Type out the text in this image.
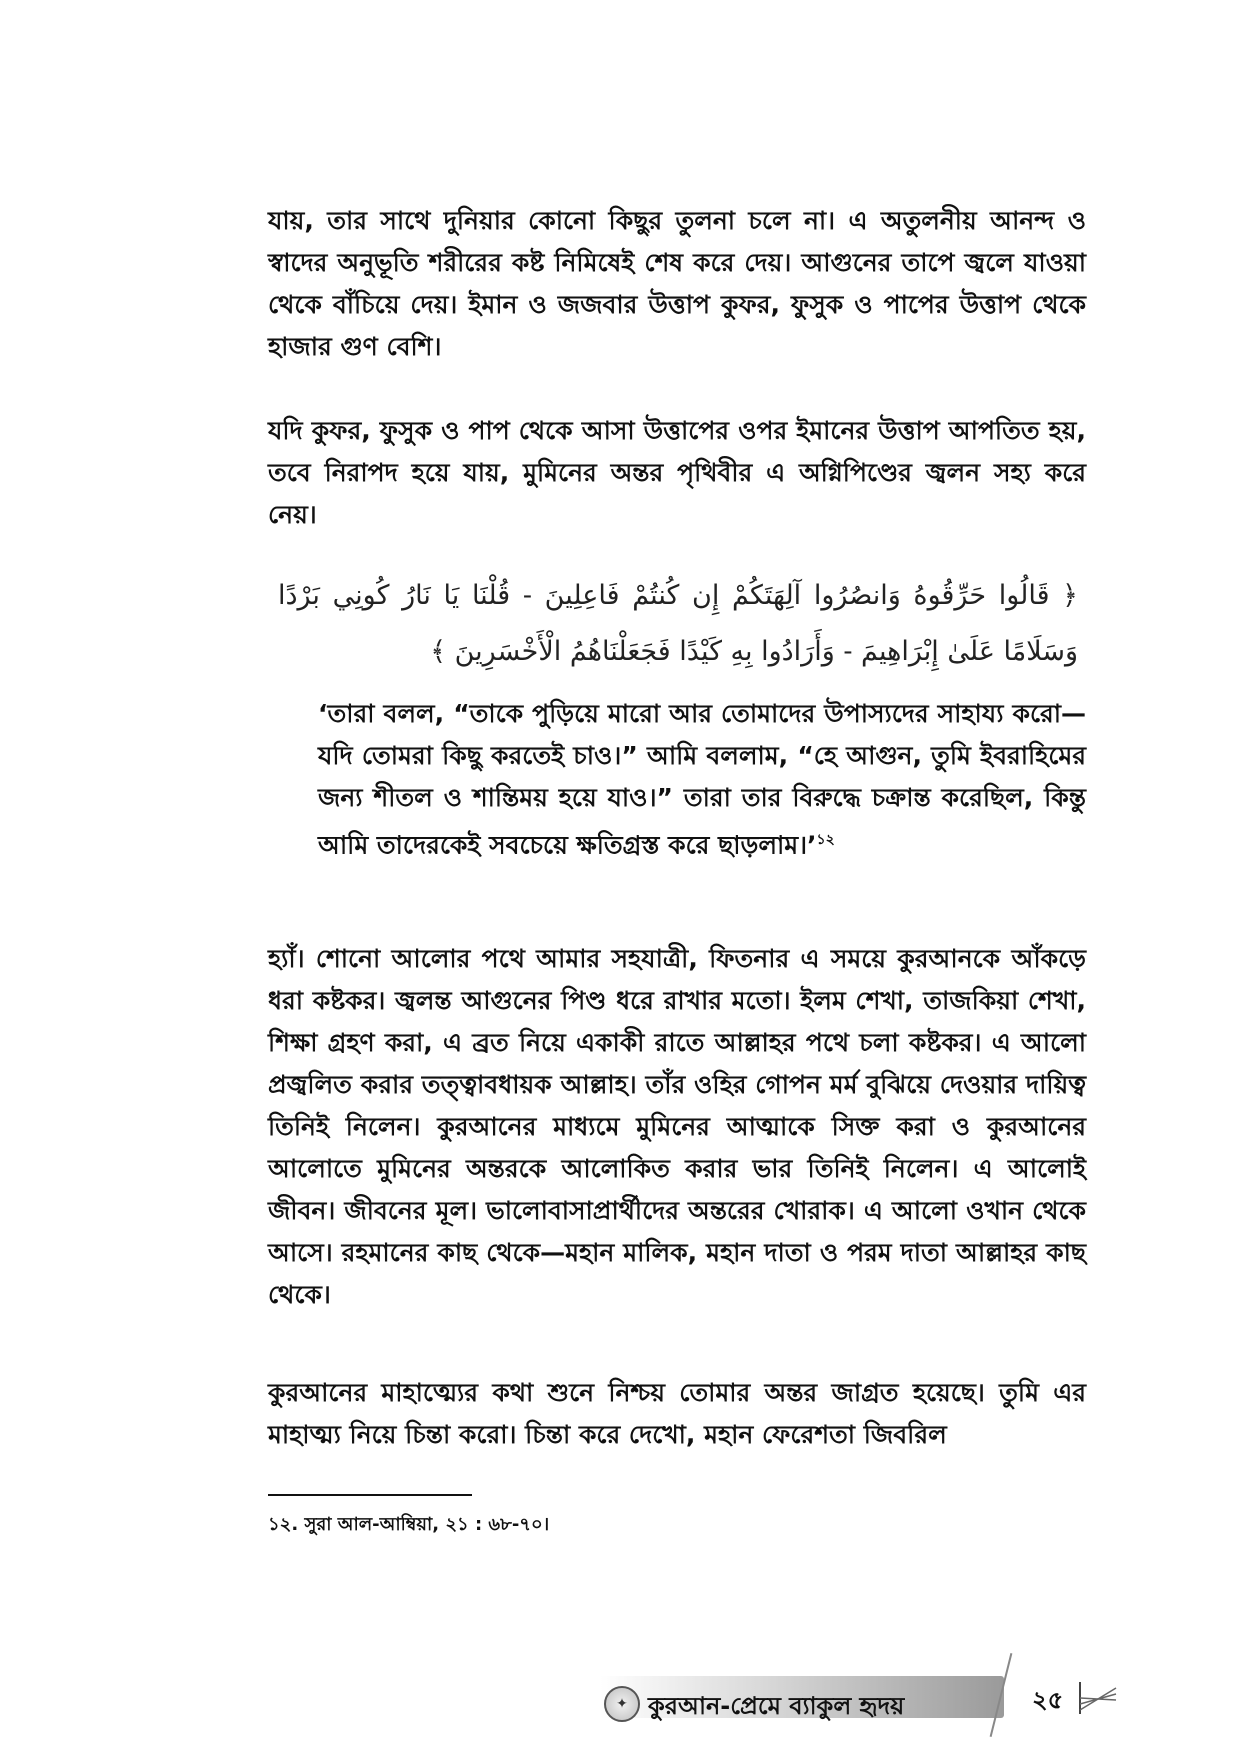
যায়, তার সাথে দুনিয়ার কোনো কিছুর তুলনা চলে না। এ অতুলনীয় আনন্দ ও স্বাদের অনুভূতি শরীরের কষ্ট নিমিষেই শেষ করে দেয়। আগুনের তাপে জ্বলে যাওয়া থেকে বাঁচিয়ে দেয়। ইমান ও জজবার উত্তাপ কুফর, ফুসুক ও পাপের উত্তাপ থেকে হাজার গুণ বেশি।

যদি কুফর, ফুসুক ও পাপ থেকে আসা উত্তাপের ওপর ইমানের উত্তাপ আপতিত হয়, তবে নিরাপদ হয়ে যায়, মুমিনের অন্তর পৃথিবীর এ অগ্নিপিণ্ডের জ্বলন সহ্য করে নেয়।

﴿ قَالُوا حَرِّقُوهُ وَانصُرُوا آلِهَتَكُمْ إِن كُنتُمْ فَاعِلِينَ - قُلْنَا يَا نَارُ كُونِي بَرْدًا وَسَلَامًا عَلَىٰ إِبْرَاهِيمَ - وَأَرَادُوا بِهِ كَيْدًا فَجَعَلْنَاهُمُ الْأَخْسَرِينَ ﴾

‘তারা বলল, “তাকে পুড়িয়ে মারো আর তোমাদের উপাস্যদের সাহায্য করো—যদি তোমরা কিছু করতেই চাও।” আমি বললাম, “হে আগুন, তুমি ইবরাহিমের জন্য শীতল ও শান্তিময় হয়ে যাও।” তারা তার বিরুদ্ধে চক্রান্ত করেছিল, কিন্তু আমি তাদেরকেই সবচেয়ে ক্ষতিগ্রস্ত করে ছাড়লাম।’$^{১২}$

হ্যাঁ। শোনো আলোর পথে আমার সহযাত্রী, ফিতনার এ সময়ে কুরআনকে আঁকড়ে ধরা কষ্টকর। জ্বলন্ত আগুনের পিণ্ড ধরে রাখার মতো। ইলম শেখা, তাজকিয়া শেখা, শিক্ষা গ্রহণ করা, এ ব্রত নিয়ে একাকী রাতে আল্লাহর পথে চলা কষ্টকর। এ আলো প্রজ্বলিত করার তত্ত্বাবধায়ক আল্লাহ। তাঁর ওহির গোপন মর্ম বুঝিয়ে দেওয়ার দায়িত্ব তিনিই নিলেন। কুরআনের মাধ্যমে মুমিনের আত্মাকে সিক্ত করা ও কুরআনের আলোতে মুমিনের অন্তরকে আলোকিত করার ভার তিনিই নিলেন। এ আলোই জীবন। জীবনের মূল। ভালোবাসাপ্রার্থীদের অন্তরের খোরাক। এ আলো ওখান থেকে আসে। রহমানের কাছ থেকে—মহান মালিক, মহান দাতা ও পরম দাতা আল্লাহর কাছ থেকে।

কুরআনের মাহাত্ম্যের কথা শুনে নিশ্চয় তোমার অন্তর জাগ্রত হয়েছে। তুমি এর মাহাত্ম্য নিয়ে চিন্তা করো। চিন্তা করে দেখো, মহান ফেরেশতা জিবরিল

১২. সুরা আল-আম্বিয়া, ২১ : ৬৮-৭০।

✦ কুরআন-প্রেমে ব্যাকুল হৃদয়	২৫
